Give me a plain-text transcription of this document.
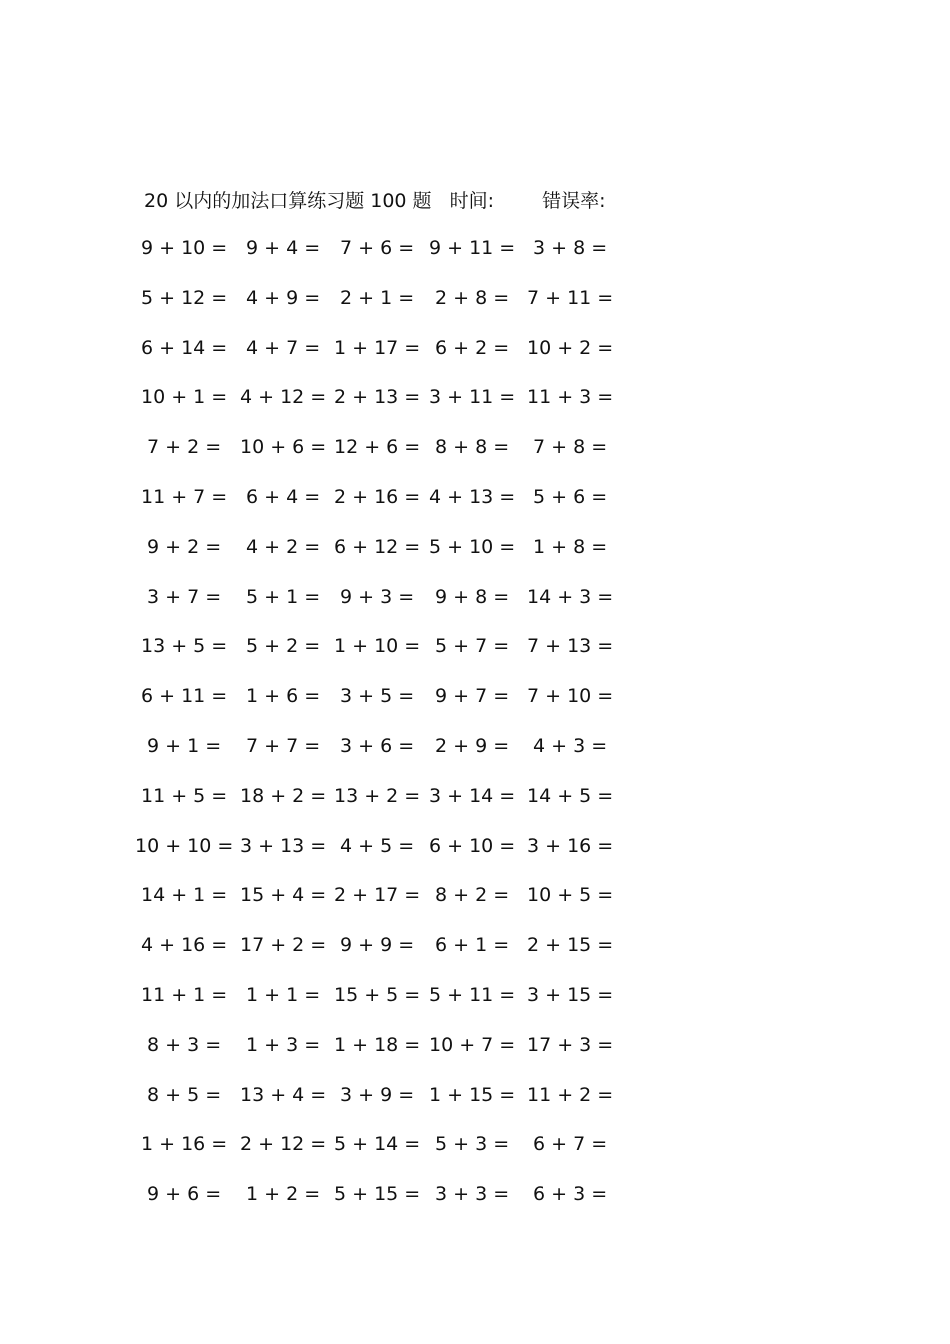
20 以内的加法口算练习题 100 题 时间:	错误率:
9 + 10 = 9 + 4 = 7 + 6 = 9 + 11 = 3 + 8 =
5 + 12 = 4 + 9 = 2 + 1 = 2 + 8 = 7 + 11 =
6 + 14 = 4 + 7 = 1 + 17 = 6 + 2 = 10 + 2 =
10 + 1 = 4 + 12 = 2 + 13 = 3 + 11 = 11 + 3 =
7 + 2 = 10 + 6 = 12 + 6 = 8 + 8 = 7 + 8 =
11 + 7 = 6 + 4 = 2 + 16 = 4 + 13 = 5 + 6 =
9 + 2 = 4 + 2 = 6 + 12 = 5 + 10 = 1 + 8 =
3 + 7 = 5 + 1 = 9 + 3 = 9 + 8 = 14 + 3 =
13 + 5 = 5 + 2 = 1 + 10 = 5 + 7 = 7 + 13 =
6 + 11 = 1 + 6 = 3 + 5 = 9 + 7 = 7 + 10 =
9 + 1 = 7 + 7 = 3 + 6 = 2 + 9 = 4 + 3 =
11 + 5 = 18 + 2 = 13 + 2 = 3 + 14 = 14 + 5 =
10 + 10 = 3 + 13 = 4 + 5 = 6 + 10 = 3 + 16 =
14 + 1 = 15 + 4 = 2 + 17 = 8 + 2 = 10 + 5 =
4 + 16 = 17 + 2 = 9 + 9 = 6 + 1 = 2 + 15 =
11 + 1 = 1 + 1 = 15 + 5 = 5 + 11 = 3 + 15 =
8 + 3 = 1 + 3 = 1 + 18 = 10 + 7 = 17 + 3 =
8 + 5 = 13 + 4 = 3 + 9 = 1 + 15 = 11 + 2 =
1 + 16 = 2 + 12 = 5 + 14 = 5 + 3 = 6 + 7 =
9 + 6 = 1 + 2 = 5 + 15 = 3 + 3 = 6 + 3 =
